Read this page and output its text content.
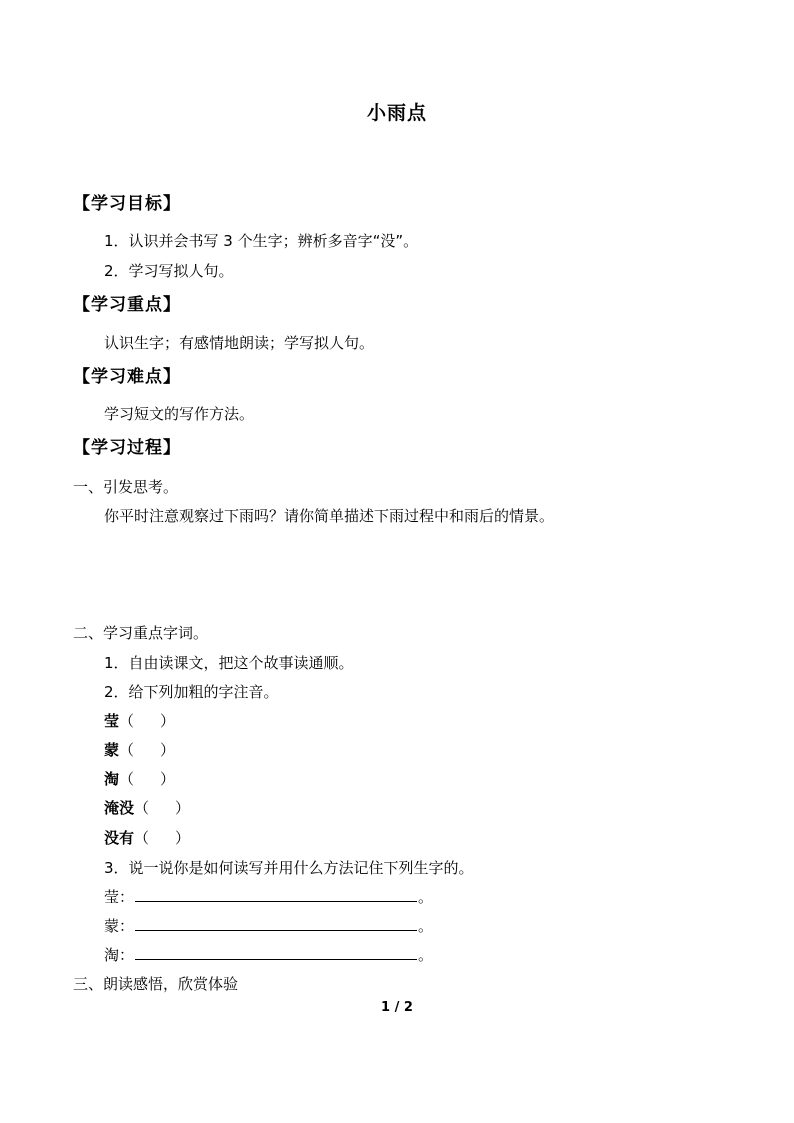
小雨点
【学习目标】
1．认识并会书写 3 个生字；辨析多音字“没”。
2．学习写拟人句。
【学习重点】
认识生字；有感情地朗读；学写拟人句。
【学习难点】
学习短文的写作方法。
【学习过程】
一、引发思考。
你平时注意观察过下雨吗？请你简单描述下雨过程中和雨后的情景。
二、学习重点字词。
1．自由读课文，把这个故事读通顺。
2．给下列加粗的字注音。
莹（ ）
蒙（ ）
淘（ ）
淹没（ ）
没有（ ）
3．说一说你是如何读写并用什么方法记住下列生字的。
莹：	。
蒙：	。
淘：	。
三、朗读感悟，欣赏体验
1 / 2
